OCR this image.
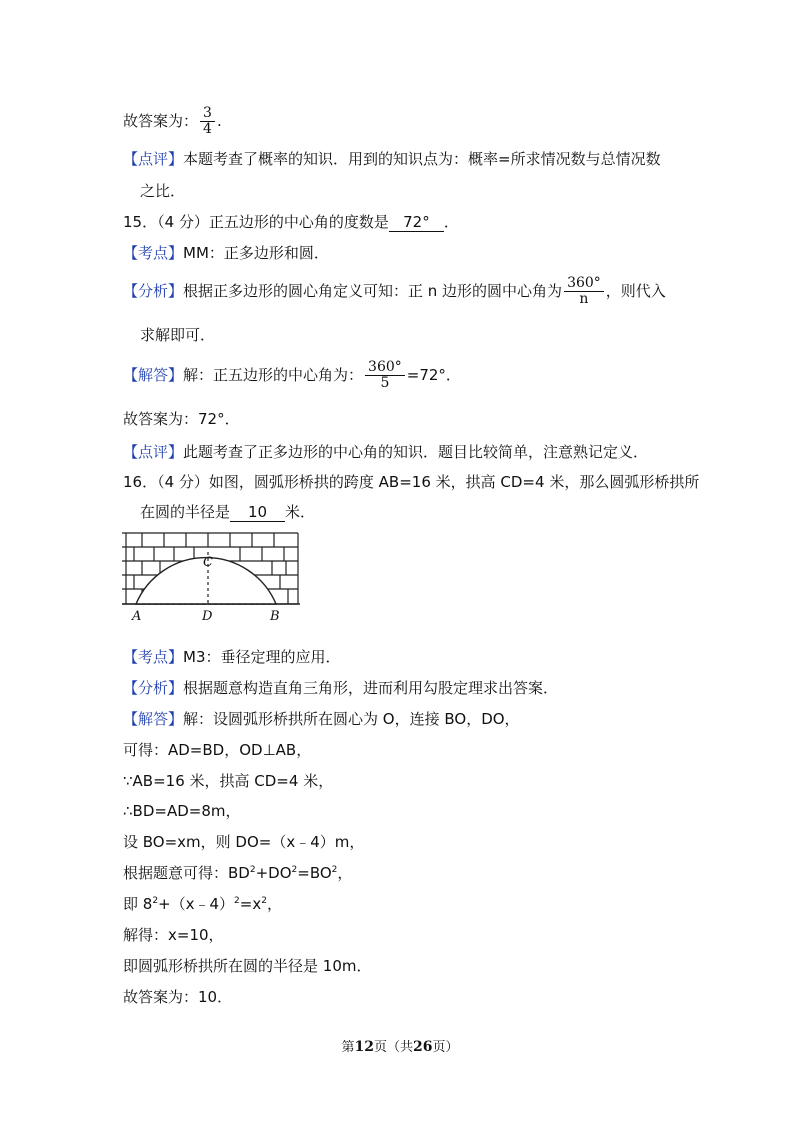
故答案为： $\frac{3}{4}$ .
【点评】本题考查了概率的知识．用到的知识点为：概率=所求情况数与总情况数
之比．
15．（4 分）正五边形的中心角的度数是 72° ．
【考点】MM：正多边形和圆．
【分析】根据正多边形的圆心角定义可知：正 n 边形的圆中心角为 $\frac{360^\circ}{n}$ ，则代入
求解即可．
【解答】解：正五边形的中心角为： $\frac{360^\circ}{5} =72^\circ$．
故答案为：72°．
【点评】此题考查了正多边形的中心角的知识．题目比较简单，注意熟记定义．
16．（4 分）如图，圆弧形桥拱的跨度 AB=16 米，拱高 CD=4 米，那么圆弧形桥拱所
在圆的半径是 10 米．
C
A	D	B
【考点】M3：垂径定理的应用．
【分析】根据题意构造直角三角形，进而利用勾股定理求出答案．
【解答】解：设圆弧形桥拱所在圆心为 O，连接 BO，DO，
可得：AD=BD，OD⊥AB，
∵AB=16 米，拱高 CD=4 米，
∴BD=AD=8m，
设 BO=xm，则 DO=（x﹣4）m，
根据题意可得：$BD^2+DO^2=BO^2$，
即 $8^2+(x﹣4)^2=x^2$，
解得：x=10，
即圆弧形桥拱所在圆的半径是 10m．
故答案为：10．
第12页（共26页）
